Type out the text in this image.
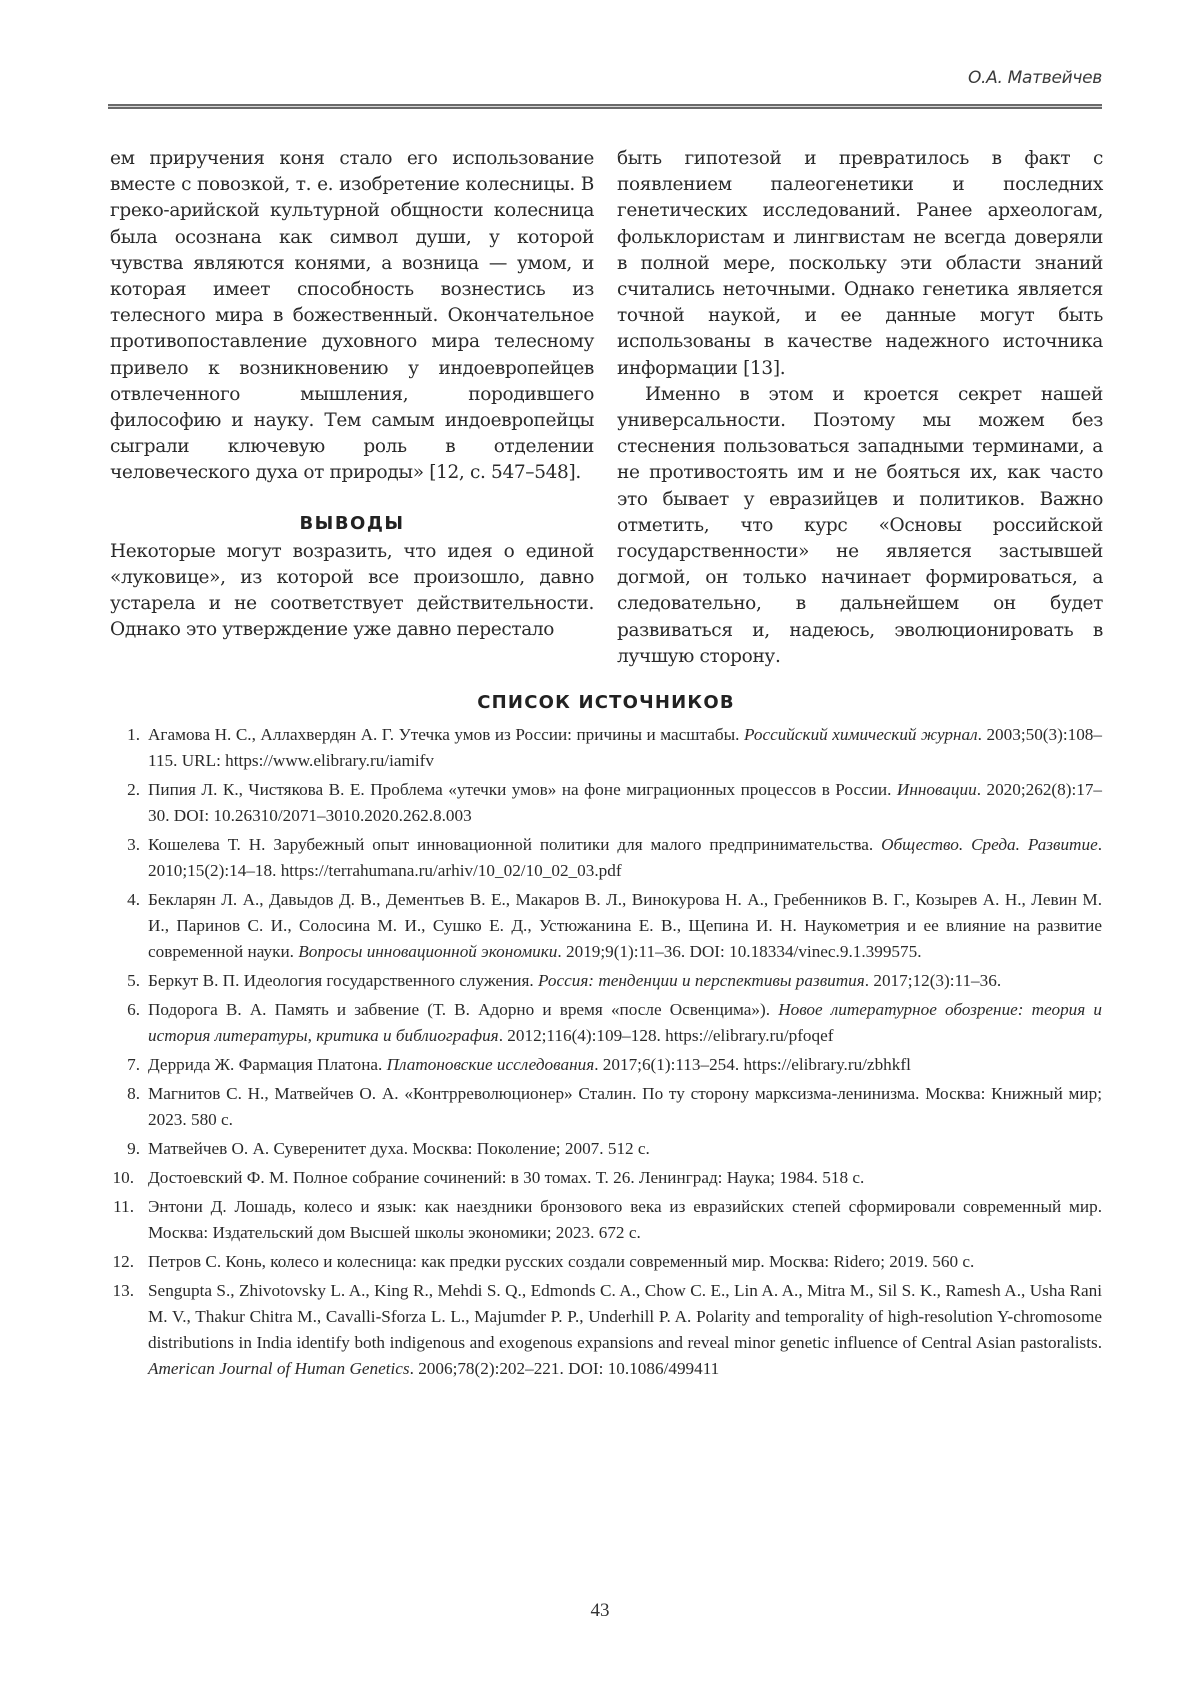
О.А. Матвейчев

ем приручения коня стало его использование вместе с повозкой, т. е. изобретение колесницы. В греко-арийской культурной общности колесница была осознана как символ души, у которой чувства являются конями, а возница — умом, и которая имеет способность вознестись из телесного мира в божественный. Окончательное противопоставление духовного мира телесному привело к возникновению у индоевропейцев отвлеченного мышления, породившего философию и науку. Тем самым индоевропейцы сыграли ключевую роль в отделении человеческого духа от природы» [12, с. 547–548].

ВЫВОДЫ

Некоторые могут возразить, что идея о единой «луковице», из которой все произошло, давно устарела и не соответствует действительности. Однако это утверждение уже давно перестало

быть гипотезой и превратилось в факт с появлением палеогенетики и последних генетических исследований. Ранее археологам, фольклористам и лингвистам не всегда доверяли в полной мере, поскольку эти области знаний считались неточными. Однако генетика является точной наукой, и ее данные могут быть использованы в качестве надежного источника информации [13].

Именно в этом и кроется секрет нашей универсальности. Поэтому мы можем без стеснения пользоваться западными терминами, а не противостоять им и не бояться их, как часто это бывает у евразийцев и политиков. Важно отметить, что курс «Основы российской государственности» не является застывшей догмой, он только начинает формироваться, а следовательно, в дальнейшем он будет развиваться и, надеюсь, эволюционировать в лучшую сторону.

СПИСОК ИСТОЧНИКОВ
1. Агамова Н. С., Аллахвердян А. Г. Утечка умов из России: причины и масштабы. Российский химический журнал. 2003;50(3):108–115. URL: https://www.elibrary.ru/iamifv
2. Пипия Л. К., Чистякова В. Е. Проблема «утечки умов» на фоне миграционных процессов в России. Инновации. 2020;262(8):17–30. DOI: 10.26310/2071–3010.2020.262.8.003
3. Кошелева Т. Н. Зарубежный опыт инновационной политики для малого предпринимательства. Общество. Среда. Развитие. 2010;15(2):14–18. https://terrahumana.ru/arhiv/10_02/10_02_03.pdf
4. Бекларян Л. А., Давыдов Д. В., Дементьев В. Е., Макаров В. Л., Винокурова Н. А., Гребенников В. Г., Козырев А. Н., Левин М. И., Паринов С. И., Солосина М. И., Сушко Е. Д., Устюжанина Е. В., Щепина И. Н. Наукометрия и ее влияние на развитие современной науки. Вопросы инновационной экономики. 2019;9(1):11–36. DOI: 10.18334/vinec.9.1.399575.
5. Беркут В. П. Идеология государственного служения. Россия: тенденции и перспективы развития. 2017;12(3):11–36.
6. Подорога В. А. Память и забвение (Т. В. Адорно и время «после Освенцима»). Новое литературное обозрение: теория и история литературы, критика и библиография. 2012;116(4):109–128. https://elibrary.ru/pfoqef
7. Деррида Ж. Фармация Платона. Платоновские исследования. 2017;6(1):113–254. https://elibrary.ru/zbhkfl
8. Магнитов С. Н., Матвейчев О. А. «Контрреволюционер» Сталин. По ту сторону марксизма-ленинизма. Москва: Книжный мир; 2023. 580 с.
9. Матвейчев О. А. Суверенитет духа. Москва: Поколение; 2007. 512 с.
10. Достоевский Ф. М. Полное собрание сочинений: в 30 томах. Т. 26. Ленинград: Наука; 1984. 518 с.
11. Энтони Д. Лошадь, колесо и язык: как наездники бронзового века из евразийских степей сформировали современный мир. Москва: Издательский дом Высшей школы экономики; 2023. 672 с.
12. Петров С. Конь, колесо и колесница: как предки русских создали современный мир. Москва: Ridero; 2019. 560 с.
13. Sengupta S., Zhivotovsky L. A., King R., Mehdi S. Q., Edmonds C. A., Chow C. E., Lin A. A., Mitra M., Sil S. K., Ramesh A., Usha Rani M. V., Thakur Chitra M., Cavalli-Sforza L. L., Majumder P. P., Underhill P. A. Polarity and temporality of high-resolution Y-chromosome distributions in India identify both indigenous and exogenous expansions and reveal minor genetic influence of Central Asian pastoralists. American Journal of Human Genetics. 2006;78(2):202–221. DOI: 10.1086/499411
43
